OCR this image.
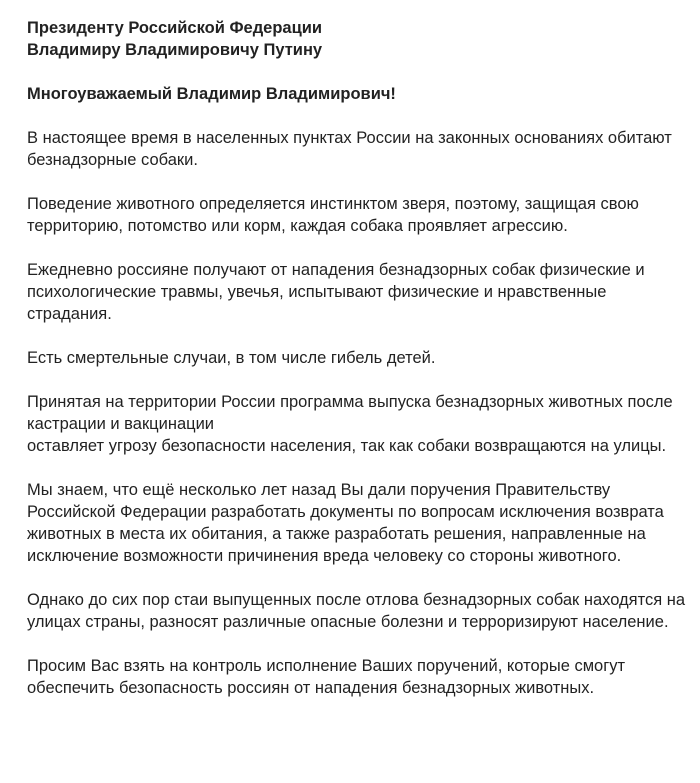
Президенту Российской Федерации

Владимиру Владимировичу Путину

Многоуважаемый Владимир Владимирович!

В настоящее время в населенных пунктах России на законных основаниях обитают безнадзорные собаки.

Поведение животного определяется инстинктом зверя, поэтому, защищая свою территорию, потомство или корм, каждая собака проявляет агрессию.

Ежедневно россияне получают от нападения безнадзорных собак физические и психологические травмы, увечья, испытывают физические и нравственные страдания.

Есть смертельные случаи, в том числе гибель детей.

Принятая на территории России программа выпуска безнадзорных животных после кастрации и вакцинации
оставляет угрозу безопасности населения, так как собаки возвращаются на улицы.

Мы знаем, что ещё несколько лет назад Вы дали поручения Правительству Российской Федерации разработать документы по вопросам исключения возврата животных в места их обитания, а также разработать решения, направленные на исключение возможности причинения вреда человеку со стороны животного.

Однако до сих пор стаи выпущенных после отлова безнадзорных собак находятся на улицах страны, разносят различные опасные болезни и терроризируют население.

Просим Вас взять на контроль исполнение Ваших поручений, которые смогут обеспечить безопасность россиян от нападения безнадзорных животных.
